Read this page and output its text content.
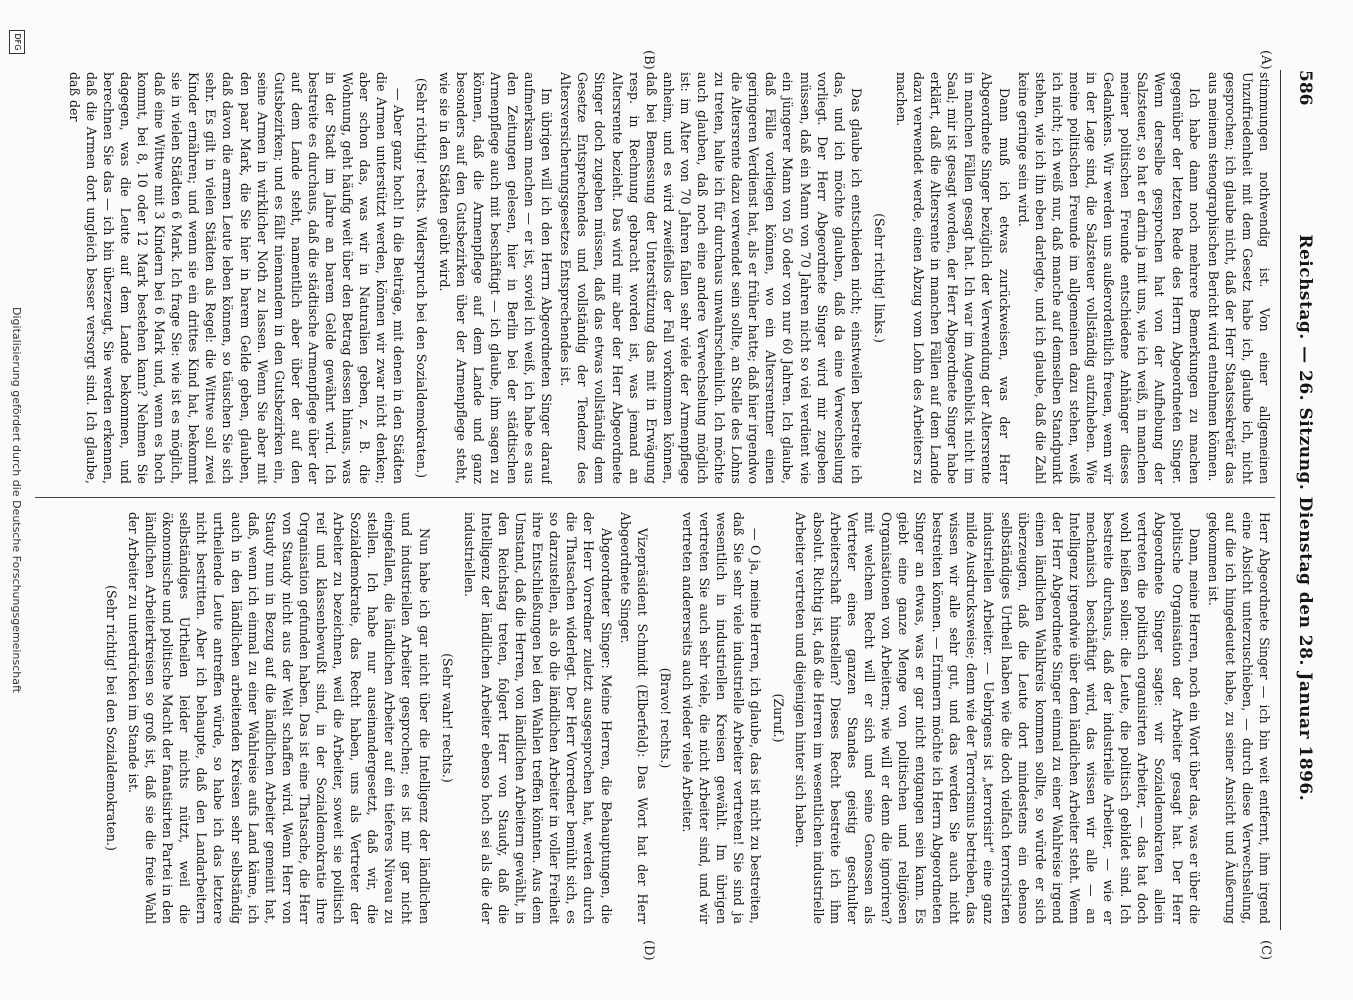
586
Reichstag. — 26. Sitzung. Dienstag den 28. Januar 1896.
(A)
(B)
(C)
(D)

stimmungen nothwendig ist. Von einer allgemeinen Unzufriedenheit mit dem Gesetz habe ich, glaube ich, nicht gesprochen; ich glaube nicht, daß der Herr Staatssekretär das aus meinem stenographischen Bericht wird entnehmen können.

Ich habe dann noch mehrere Bemerkungen zu machen gegenüber der letzten Rede des Herrn Abgeordneten Singer. Wenn derselbe gesprochen hat von der Aufhebung der Salzsteuer, so hat er darin ja mit uns, wie ich weiß, in manchen meiner politischen Freunde entschiedene Anhänger dieses Gedankens. Wir werden uns außerordentlich freuen, wenn wir in der Lage sind, die Salzsteuer vollständig aufzuheben. Wie meine politischen Freunde im allgemeinen dazu stehen, weiß ich nicht; ich weiß nur, daß manche auf demselben Standpunkt stehen, wie ich ihn eben darlegte, und ich glaube, daß die Zahl keine geringe sein wird.

Dann muß ich etwas zurückweisen, was der Herr Abgeordnete Singer bezüglich der Verwendung der Altersrente in manchen Fällen gesagt hat. Ich war im Augenblick nicht im Saal; mir ist gesagt worden, der Herr Abgeordnete Singer habe erklärt, daß die Altersrente in manchen Fällen auf dem Lande dazu verwendet werde, einen Abzug vom Lohn des Arbeiters zu machen.

(Sehr richtig! links.)

Das glaube ich entschieden nicht; einstweilen bestreite ich das, und ich möchte glauben, daß da eine Verwechselung vorliegt. Der Herr Abgeordnete Singer wird mir zugeben müssen, daß ein Mann von 70 Jahren nicht so viel verdient wie ein jüngerer Mann von 50 oder von nur 60 Jahren. Ich glaube, daß Fälle vorliegen können, wo ein Altersrentner einen geringeren Verdienst hat, als er früher hatte; daß hier irgendwo die Altersrente dazu verwendet sein sollte, an Stelle des Lohns zu treten, halte ich für durchaus unwahrscheinlich. Ich möchte auch glauben, daß noch eine andere Verwechselung möglich ist: im Alter von 70 Jahren fallen sehr viele der Armenpflege anheim, und es wird zweifellos der Fall vorkommen können, daß bei Bemessung der Unterstützung das mit in Erwägung resp. in Rechnung gebracht worden ist, was jemand an Altersrente bezieht. Das wird mir aber der Herr Abgeordnete Singer doch zugeben müssen, daß das etwas vollständig dem Gesetze Entsprechendes und vollständig der Tendenz des Altersversicherungsgesetzes Entsprechendes ist.

Im übrigen will ich den Herrn Abgeordneten Singer darauf aufmerksam machen — er ist, soviel ich weiß, ich habe es aus den Zeitungen gelesen, hier in Berlin bei der städtischen Armenpflege auch mit beschäftigt — ich glaube, ihm sagen zu können, daß die Armenpflege auf dem Lande und ganz besonders auf den Gutsbezirken über der Armenpflege steht, wie sie in den Städten geübt wird.

(Sehr richtig! rechts. Widerspruch bei den Sozialdemokraten.)

— Aber ganz hoch! In die Beiträge, mit denen in den Städten die Armen unterstützt werden, können wir zwar nicht denken; aber schon das, was wir in Naturalien geben, z. B. die Wohnung, geht häufig weit über den Betrag dessen hinaus, was in der Stadt im Jahre an barem Gelde gewährt wird. Ich bestreite es durchaus, daß die städtische Armenpflege über der auf dem Lande steht, namentlich aber über der auf den Gutsbezirken; und es fällt niemandem in den Gutsbezirken ein, seine Armen in wirklicher Noth zu lassen. Wenn Sie aber mit den paar Mark, die Sie hier in barem Gelde geben, glauben, daß davon die armen Leute leben können, so täuschen Sie sich sehr. Es gilt in vielen Städten als Regel: die Wittwe soll zwei Kinder ernähren; und wenn sie ein drittes Kind hat, bekommt sie in vielen Städten 6 Mark. Ich frage Sie: wie ist es möglich, daß eine Wittwe mit 3 Kindern bei 6 Mark und, wenn es hoch kommt, bei 8, 10 oder 12 Mark bestehen kann? Nehmen Sie dagegen, was die Leute auf dem Lande bekommen, und berechnen Sie das — ich bin überzeugt, Sie werden erkennen, daß die Armen dort ungleich besser versorgt sind. Ich glaube, daß der

Herr Abgeordnete Singer — ich bin weit entfernt, ihm irgend eine Absicht unterzuschieben, — durch diese Verwechselung, auf die ich hingedeutet habe, zu seiner Ansicht und Äußerung gekommen ist.

Dann, meine Herren, noch ein Wort über das, was er über die politische Organisation der Arbeiter gesagt hat. Der Herr Abgeordnete Singer sagte: wir Sozialdemokraten allein vertreten die politisch organisirten Arbeiter, — das hat doch wohl heißen sollen: die Leute, die politisch gebildet sind. Ich bestreite durchaus, daß der industrielle Arbeiter, — wie er mechanisch beschäftigt wird, das wissen wir alle — an Intelligenz irgendwie über dem ländlichen Arbeiter steht. Wenn der Herr Abgeordnete Singer einmal zu einer Wahlreise irgend einen ländlichen Wahlkreis kommen sollte, so würde er sich überzeugen, daß die Leute dort mindestens ein ebenso selbständiges Urtheil haben wie die doch vielfach terrorisirten industriellen Arbeiter. — Uebrigens ist „terrorisirt“ eine ganz milde Ausdrucksweise; denn wie der Terrorismus betrieben, das wissen wir alle sehr gut, und das werden Sie auch nicht bestreiten können. — Erinnern möchte ich Herrn Abgeordneten Singer an etwas, was er gar nicht entgangen sein kann. Es giebt eine ganze Menge von politischen und religiösen Organisationen von Arbeitern; wie will er denn die ignoriren? mit welchem Recht will er sich und seine Genossen als Vertreter eines ganzen Standes geistig geschulter Arbeiterschaft hinstellen? Dieses Recht bestreite ich ihm absolut. Richtig ist, daß die Herren im wesentlichen industrielle Arbeiter vertreten und diejenigen hinter sich haben.

(Zuruf.)

— O ja, meine Herren, ich glaube, das ist nicht zu bestreiten, daß Sie sehr viele industrielle Arbeiter vertreten! Sie sind ja wesentlich in industriellen Kreisen gewählt. Im übrigen vertreten Sie auch sehr viele, die nicht Arbeiter sind, und wir vertreten andererseits auch wieder viele Arbeiter.

(Bravo! rechts.)

Vizepräsident Schmidt (Elberfeld): Das Wort hat der Herr Abgeordnete Singer.

Abgeordneter Singer: Meine Herren, die Behauptungen, die der Herr Vorredner zuletzt ausgesprochen hat, werden durch die Thatsachen widerlegt. Der Herr Vorredner bemüht sich, es so darzustellen, als ob die ländlichen Arbeiter in voller Freiheit ihre Entschließungen bei den Wahlen treffen könnten. Aus dem Umstand, daß die Herren, von ländlichen Arbeitern gewählt, in den Reichstag treten, folgert Herr von Staudy, daß die Intelligenz der ländlichen Arbeiter ebenso hoch sei als die der industriellen.

(Sehr wahr! rechts.)

Nun habe ich gar nicht über die Intelligenz der ländlichen und industriellen Arbeiter gesprochen; es ist mir gar nicht eingefallen, die ländlichen Arbeiter auf ein tieferes Niveau zu stellen. Ich habe nur auseinandergesetzt, daß wir, die Sozialdemokratie, das Recht haben, uns als Vertreter der Arbeiter zu bezeichnen, weil die Arbeiter, soweit sie politisch reif und klassenbewußt sind, in der Sozialdemokratie ihre Organisation gefunden haben. Das ist eine Thatsache, die Herr von Staudy nicht aus der Welt schaffen wird. Wenn Herr von Staudy nun in Bezug auf die ländlichen Arbeiter gemeint hat, daß, wenn ich einmal zu einer Wahlreise aufs Land käme, ich auch in den ländlichen arbeitenden Kreisen sehr selbständig urtheilende Leute antreffen würde, so habe ich das letztere nicht bestritten. Aber ich behaupte, daß den Landarbeitern selbständiges Urtheilen leider nichts nützt, weil die ökonomische und politische Macht der fanatisirten Partei in den ländlichen Arbeiterkreisen so groß ist, daß sie die freie Wahl der Arbeiter zu unterdrücken im Stande ist.

(Sehr richtig! bei den Sozialdemokraten.)

DFG
Digitalisierung gefördert durch die Deutsche Forschungsgemeinschaft
